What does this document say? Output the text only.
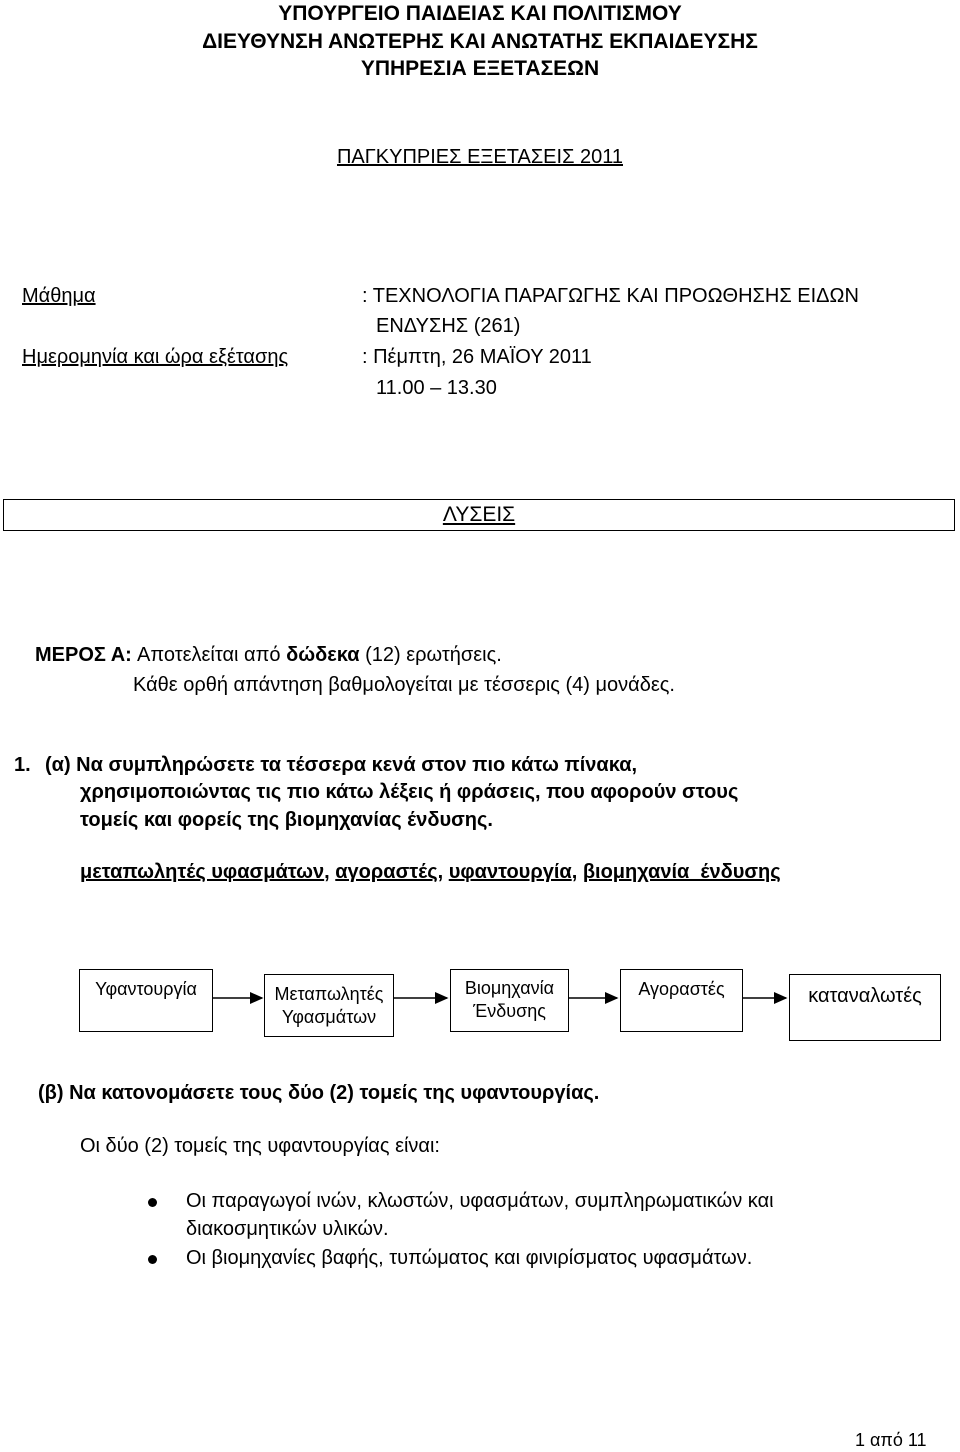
ΥΠΟΥΡΓΕΙΟ ΠΑΙΔΕΙΑΣ ΚΑΙ ΠΟΛΙΤΙΣΜΟΥ
ΔΙΕΥΘΥΝΣΗ ΑΝΩΤΕΡΗΣ ΚΑΙ ΑΝΩΤΑΤΗΣ ΕΚΠΑΙΔΕΥΣΗΣ
ΥΠΗΡΕΣΙΑ ΕΞΕΤΑΣΕΩΝ
ΠΑΓΚΥΠΡΙΕΣ ΕΞΕΤΑΣΕΙΣ 2011
Μάθημα	: ΤΕΧΝΟΛΟΓΙΑ ΠΑΡΑΓΩΓΗΣ ΚΑΙ ΠΡΟΩΘΗΣΗΣ ΕΙΔΩΝ
ΕΝΔΥΣΗΣ (261)
Ημερομηνία και ώρα εξέτασης	: Πέμπτη, 26 ΜΑΪΟΥ 2011
11.00 – 13.30
ΛΥΣΕΙΣ
ΜΕΡΟΣ Α: Αποτελείται από δώδεκα (12) ερωτήσεις.
Κάθε ορθή απάντηση βαθμολογείται με τέσσερις (4) μονάδες.
1. (α) Να συμπληρώσετε τα τέσσερα κενά στον πιο κάτω πίνακα,
χρησιμοποιώντας τις πιο κάτω λέξεις ή φράσεις, που αφορούν στους
τομείς και φορείς της βιομηχανίας ένδυσης.
μεταπωλητές υφασμάτων, αγοραστές, υφαντουργία, βιομηχανία  ένδυσης
Υφαντουργία	Μεταπωλητές
Υφασμάτων
Βιομηχανία
Ένδυσης
Αγοραστές	καταναλωτές
(β) Να κατονομάσετε τους δύο (2) τομείς της υφαντουργίας.
Οι δύο (2) τομείς της υφαντουργίας είναι:
Οι παραγωγοί ινών, κλωστών, υφασμάτων, συμπληρωματικών και
διακοσμητικών υλικών.
Οι βιομηχανίες βαφής, τυπώματος και φινιρίσματος υφασμάτων.
1 από 11
